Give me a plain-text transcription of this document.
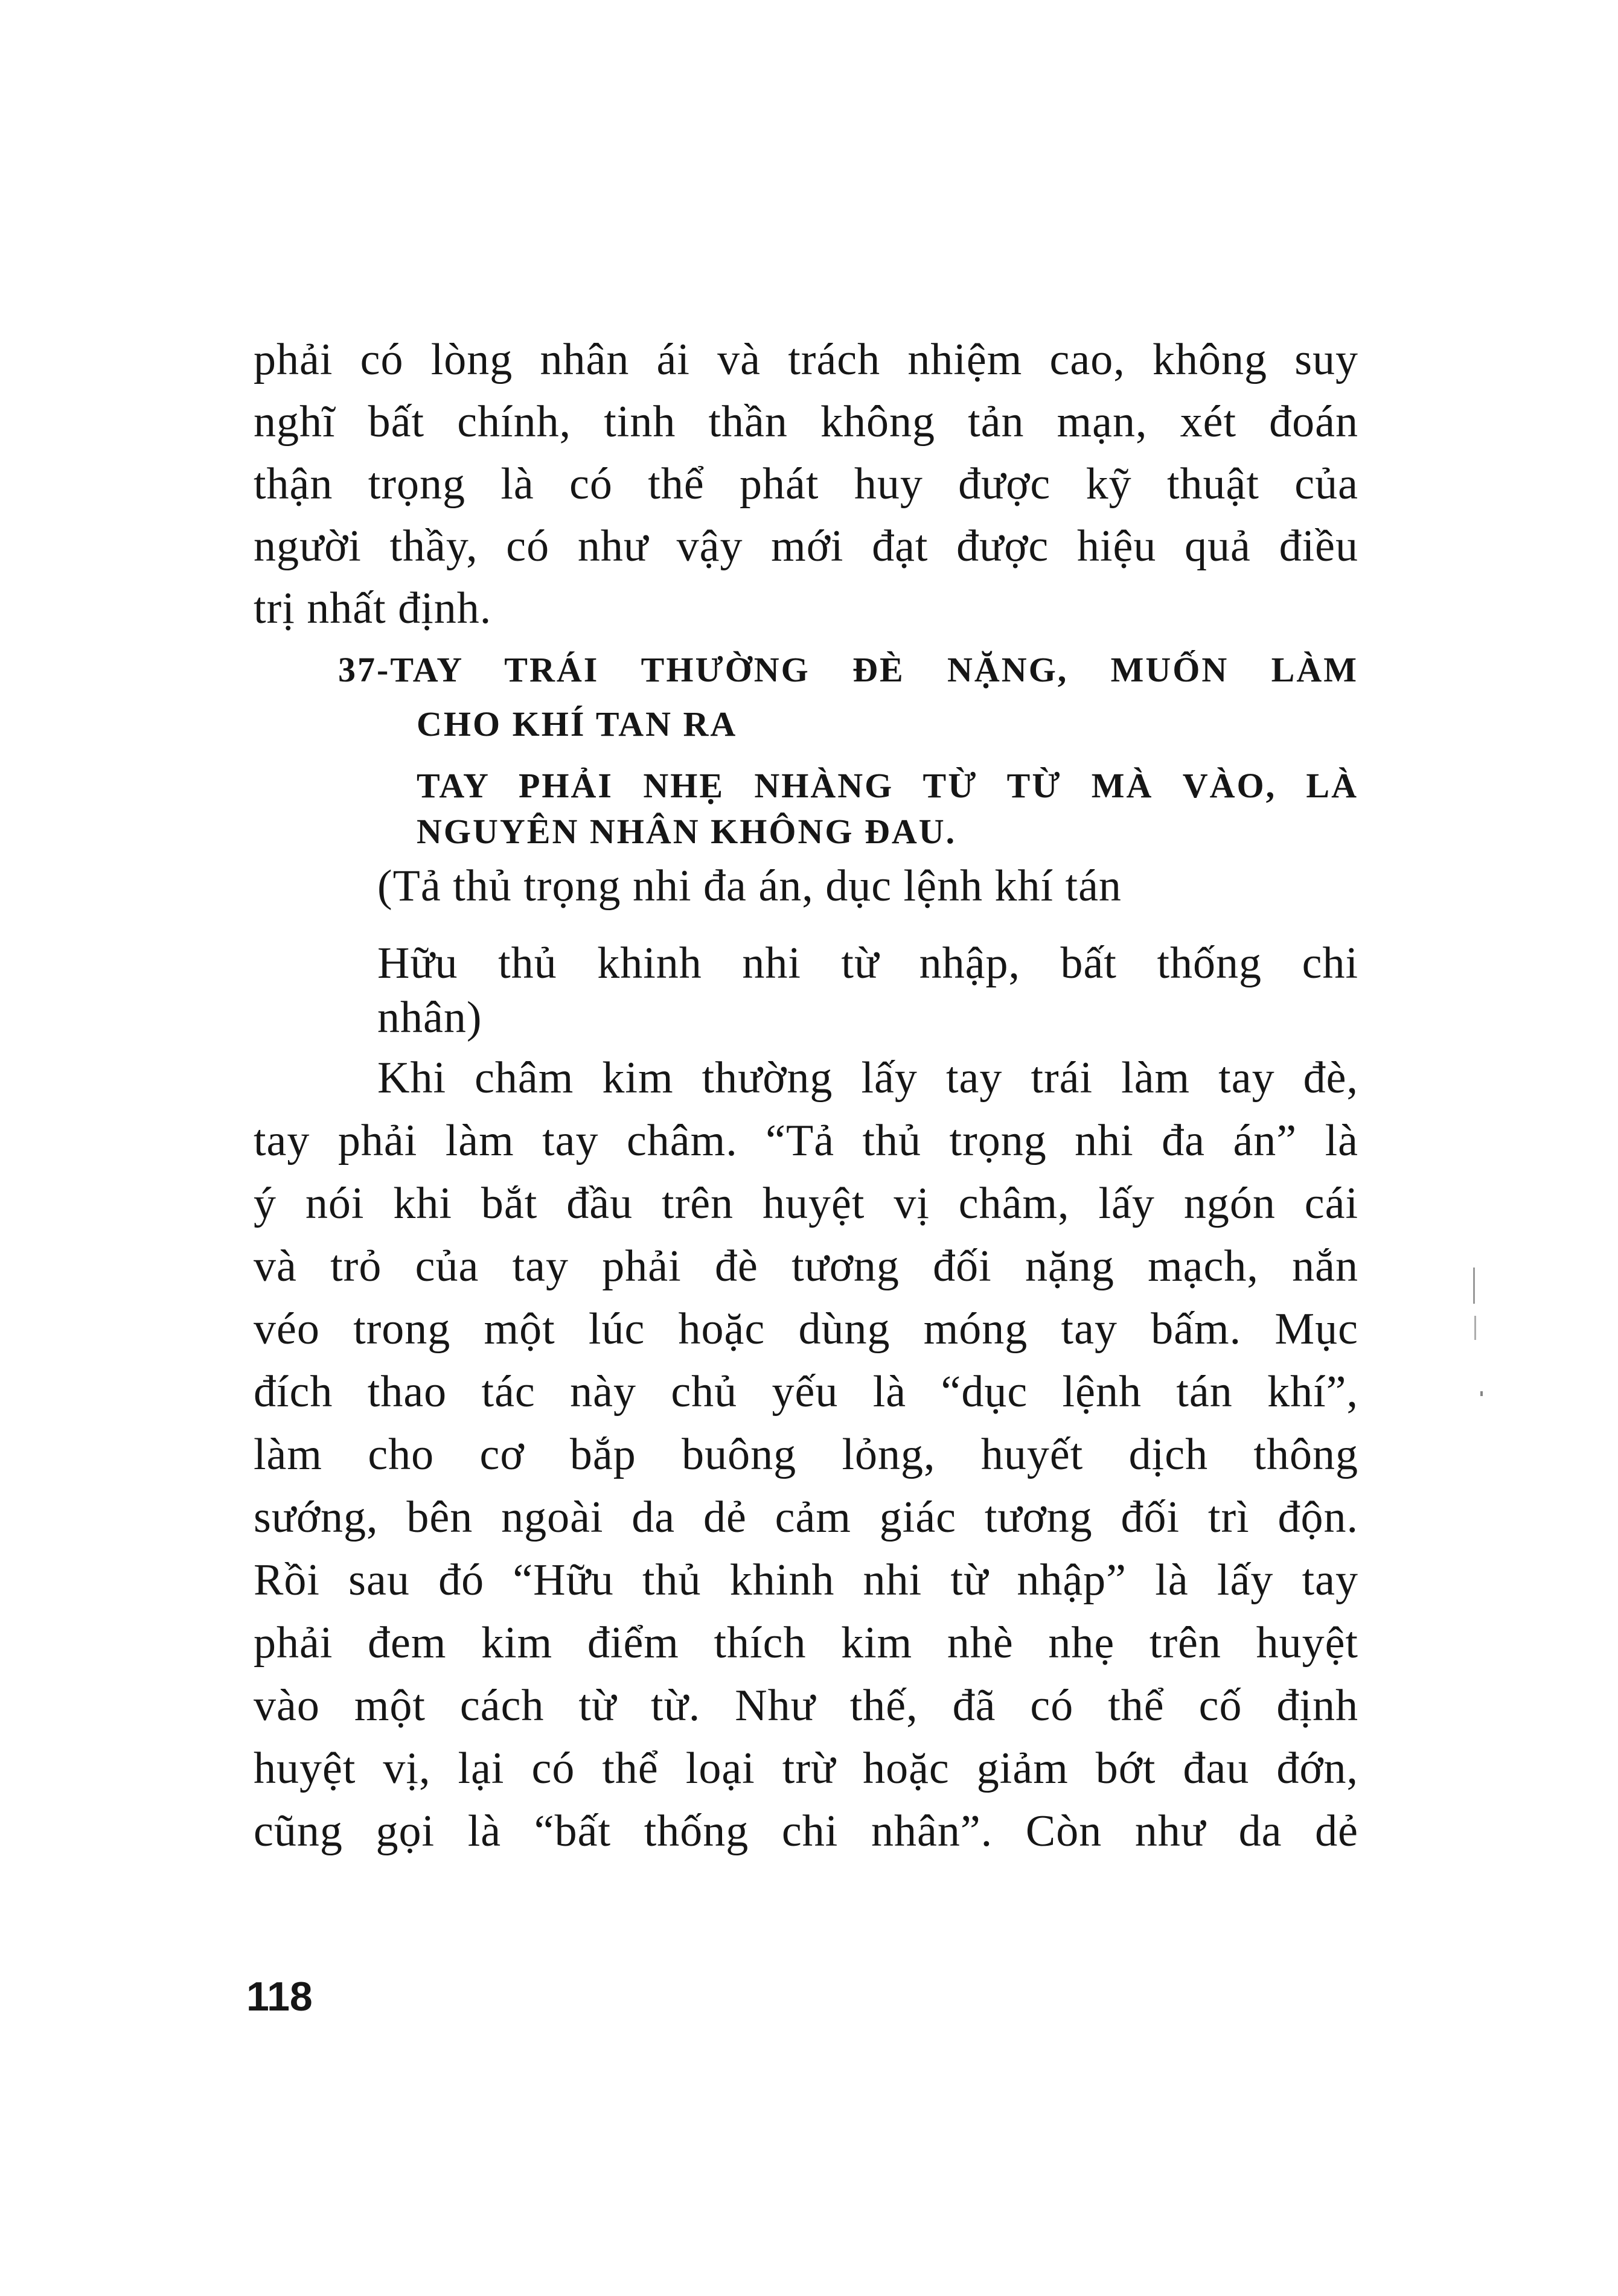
phải có lòng nhân ái và trách nhiệm cao, không suy
nghĩ bất chính, tinh thần không tản mạn, xét đoán
thận trọng là có thể phát huy được kỹ thuật của
người thầy, có như vậy mới đạt được hiệu quả điều
trị nhất định.
37-TAY TRÁI THƯỜNG ĐÈ NẶNG, MUỐN LÀM
CHO KHÍ TAN RA
TAY PHẢI NHẸ NHÀNG TỪ TỪ MÀ VÀO, LÀ
NGUYÊN NHÂN KHÔNG ĐAU.
(Tả thủ trọng nhi đa án, dục lệnh khí tán
Hữu thủ khinh nhi từ nhập, bất thống chi
nhân)
Khi châm kim thường lấy tay trái làm tay đè,
tay phải làm tay châm. “Tả thủ trọng nhi đa án” là
ý nói khi bắt đầu trên huyệt vị châm, lấy ngón cái
và trỏ của tay phải đè tương đối nặng mạch, nắn
véo trong một lúc hoặc dùng móng tay bấm. Mục
đích thao tác này chủ yếu là “dục lệnh tán khí”,
làm cho cơ bắp buông lỏng, huyết dịch thông
sướng, bên ngoài da dẻ cảm giác tương đối trì độn.
Rồi sau đó “Hữu thủ khinh nhi từ nhập” là lấy tay
phải đem kim điểm thích kim nhè nhẹ trên huyệt
vào một cách từ từ. Như thế, đã có thể cố định
huyệt vị, lại có thể loại trừ hoặc giảm bớt đau đớn,
cũng gọi là “bất thống chi nhân”. Còn như da dẻ
118
